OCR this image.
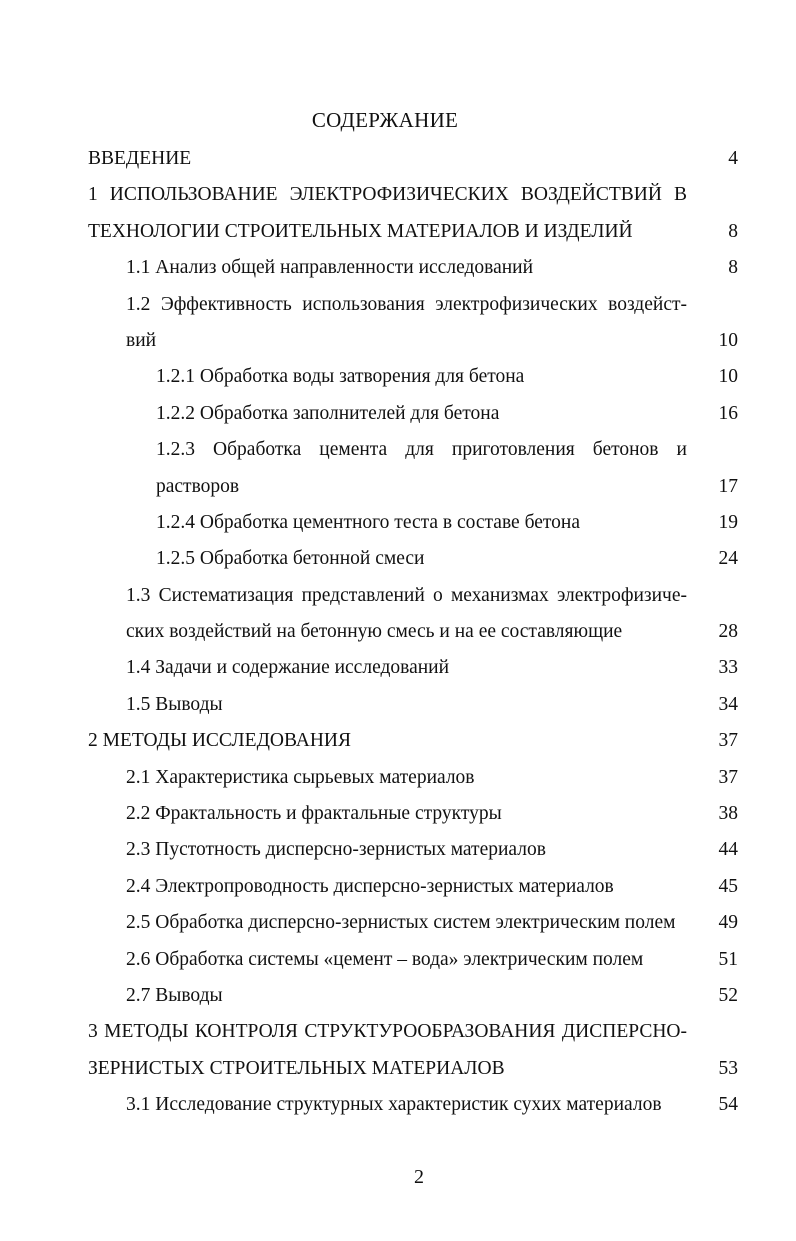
СОДЕРЖАНИЕ
ВВЕДЕНИЕ	4
1 ИСПОЛЬЗОВАНИЕ ЭЛЕКТРОФИЗИЧЕСКИХ ВОЗДЕЙСТВИЙ В
ТЕХНОЛОГИИ СТРОИТЕЛЬНЫХ МАТЕРИАЛОВ И ИЗДЕЛИЙ	8
1.1 Анализ общей направленности исследований	8
1.2 Эффективность использования электрофизических воздейст-
вий	10
1.2.1 Обработка воды затворения для бетона	10
1.2.2 Обработка заполнителей для бетона	16
1.2.3 Обработка цемента для приготовления бетонов и
растворов	17
1.2.4 Обработка цементного теста в составе бетона	19
1.2.5 Обработка бетонной смеси	24
1.3 Систематизация представлений о механизмах электрофизиче-
ских воздействий на бетонную смесь и на ее составляющие	28
1.4 Задачи и содержание исследований	33
1.5 Выводы	34
2 МЕТОДЫ ИССЛЕДОВАНИЯ	37
2.1 Характеристика сырьевых материалов	37
2.2 Фрактальность и фрактальные структуры	38
2.3 Пустотность дисперсно-зернистых материалов	44
2.4 Электропроводность дисперсно-зернистых материалов	45
2.5 Обработка дисперсно-зернистых систем электрическим полем 49
2.6 Обработка системы «цемент – вода» электрическим полем	51
2.7 Выводы	52
3 МЕТОДЫ КОНТРОЛЯ СТРУКТУРООБРАЗОВАНИЯ ДИСПЕРСНО-
ЗЕРНИСТЫХ СТРОИТЕЛЬНЫХ МАТЕРИАЛОВ	53
3.1 Исследование структурных характеристик сухих материалов	54
2
